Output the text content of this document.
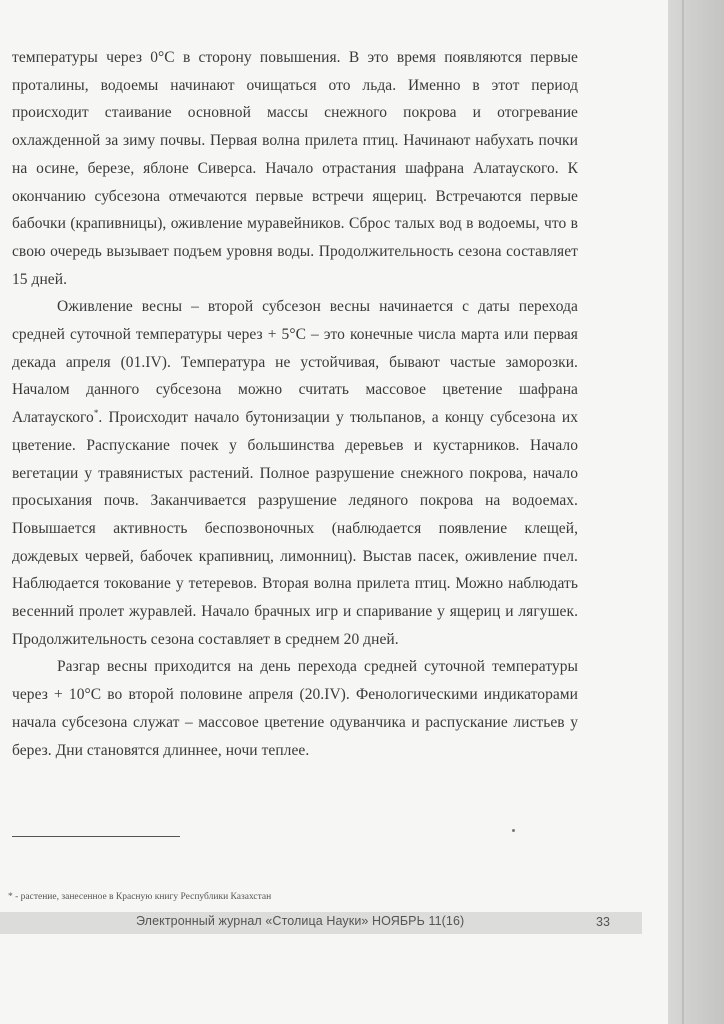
температуры через 0°С в сторону повышения. В это время появляются первые проталины, водоемы начинают очищаться ото льда. Именно в этот период происходит стаивание основной массы снежного покрова и отогревание охлажденной за зиму почвы. Первая волна прилета птиц. Начинают набухать почки на осине, березе, яблоне Сиверса. Начало отрастания шафрана Алатауского. К окончанию субсезона отмечаются первые встречи ящериц. Встречаются первые бабочки (крапивницы), оживление муравейников. Сброс талых вод в водоемы, что в свою очередь вызывает подъем уровня воды. Продолжительность сезона составляет 15 дней.

Оживление весны – второй субсезон весны начинается с даты перехода средней суточной температуры через + 5°С – это конечные числа марта или первая декада апреля (01.IV). Температура не устойчивая, бывают частые заморозки. Началом данного субсезона можно считать массовое цветение шафрана Алатауского*. Происходит начало бутонизации у тюльпанов, а концу субсезона их цветение. Распускание почек у большинства деревьев и кустарников. Начало вегетации у травянистых растений. Полное разрушение снежного покрова, начало просыхания почв. Заканчивается разрушение ледяного покрова на водоемах. Повышается активность беспозвоночных (наблюдается появление клещей, дождевых червей, бабочек крапивниц, лимонниц). Выстав пасек, оживление пчел. Наблюдается токование у тетеревов. Вторая волна прилета птиц. Можно наблюдать весенний пролет журавлей. Начало брачных игр и спаривание у ящериц и лягушек. Продолжительность сезона составляет в среднем 20 дней.

Разгар весны приходится на день перехода средней суточной температуры через + 10°С во второй половине апреля (20.IV). Фенологическими индикаторами начала субсезона служат – массовое цветение одуванчика и распускание листьев у берез. Дни становятся длиннее, ночи теплее.

* - растение, занесенное в Красную книгу Республики Казахстан
Электронный журнал «Столица Науки» НОЯБРЬ 11(16)	33
